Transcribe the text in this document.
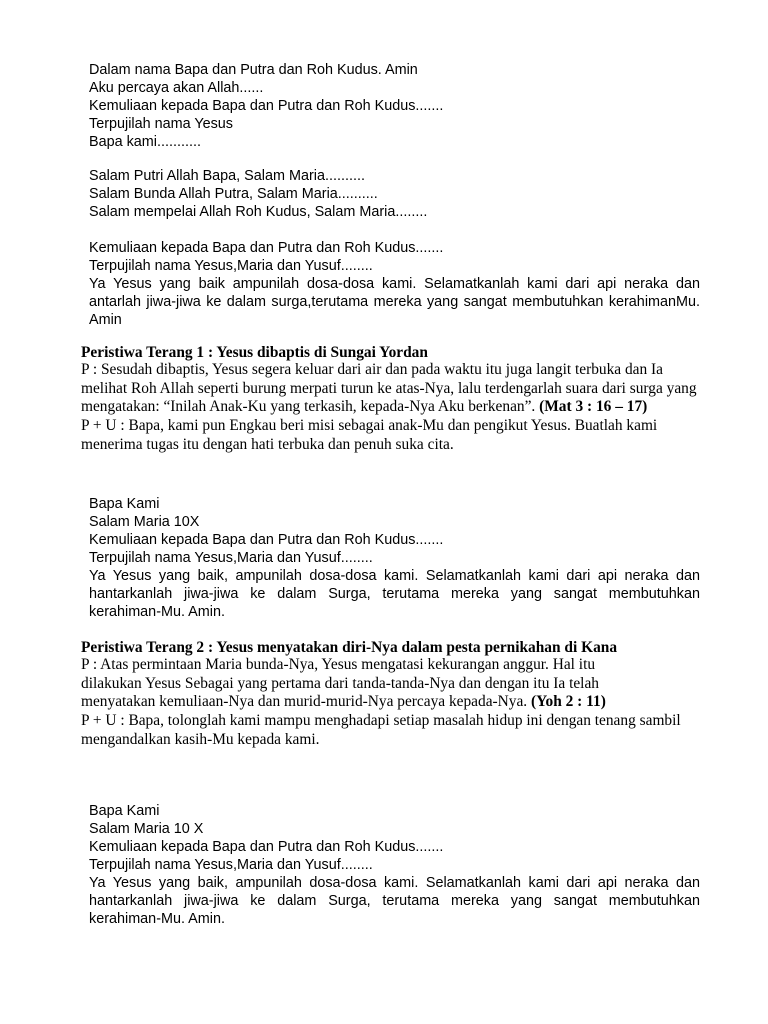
Dalam nama Bapa dan Putra dan Roh Kudus. Amin
Aku percaya akan Allah......
Kemuliaan kepada Bapa dan Putra dan Roh Kudus.......
Terpujilah nama Yesus
Bapa kami...........
Salam Putri Allah Bapa, Salam Maria..........
Salam Bunda Allah Putra, Salam Maria..........
Salam mempelai Allah Roh Kudus, Salam Maria........
Kemuliaan kepada Bapa dan Putra dan Roh Kudus.......
Terpujilah nama Yesus,Maria dan Yusuf........

Ya Yesus yang baik ampunilah dosa-dosa kami. Selamatkanlah kami dari api neraka dan antarlah jiwa-jiwa ke dalam surga,terutama mereka yang sangat membutuhkan kerahimanMu. Amin

Peristiwa Terang 1 : Yesus dibaptis di Sungai Yordan

P : Sesudah dibaptis, Yesus segera keluar dari air dan pada waktu itu juga langit terbuka dan Ia melihat Roh Allah seperti burung merpati turun ke atas-Nya, lalu terdengarlah suara dari surga yang mengatakan: “Inilah Anak-Ku yang terkasih, kepada-Nya Aku berkenan”. (Mat 3 : 16 – 17)

P + U : Bapa, kami pun Engkau beri misi sebagai anak-Mu dan pengikut Yesus. Buatlah kami menerima tugas itu dengan hati terbuka dan penuh suka cita.

Bapa Kami
Salam Maria 10X
Kemuliaan kepada Bapa dan Putra dan Roh Kudus.......
Terpujilah nama Yesus,Maria dan Yusuf........

Ya Yesus yang baik, ampunilah dosa-dosa kami. Selamatkanlah kami dari api neraka dan hantarkanlah jiwa-jiwa ke dalam Surga, terutama mereka yang sangat membutuhkan kerahiman-Mu. Amin.

Peristiwa Terang 2 : Yesus menyatakan diri-Nya dalam pesta pernikahan di Kana

P : Atas permintaan Maria bunda-Nya, Yesus mengatasi kekurangan anggur. Hal itu
dilakukan Yesus Sebagai yang pertama dari tanda-tanda-Nya dan dengan itu Ia telah
menyatakan kemuliaan-Nya dan murid-murid-Nya percaya kepada-Nya. (Yoh 2 : 11)

P + U : Bapa, tolonglah kami mampu menghadapi setiap masalah hidup ini dengan tenang sambil mengandalkan kasih-Mu kepada kami.

Bapa Kami
Salam Maria 10 X
Kemuliaan kepada Bapa dan Putra dan Roh Kudus.......
Terpujilah nama Yesus,Maria dan Yusuf........

Ya Yesus yang baik, ampunilah dosa-dosa kami. Selamatkanlah kami dari api neraka dan hantarkanlah jiwa-jiwa ke dalam Surga, terutama mereka yang sangat membutuhkan kerahiman-Mu. Amin.
